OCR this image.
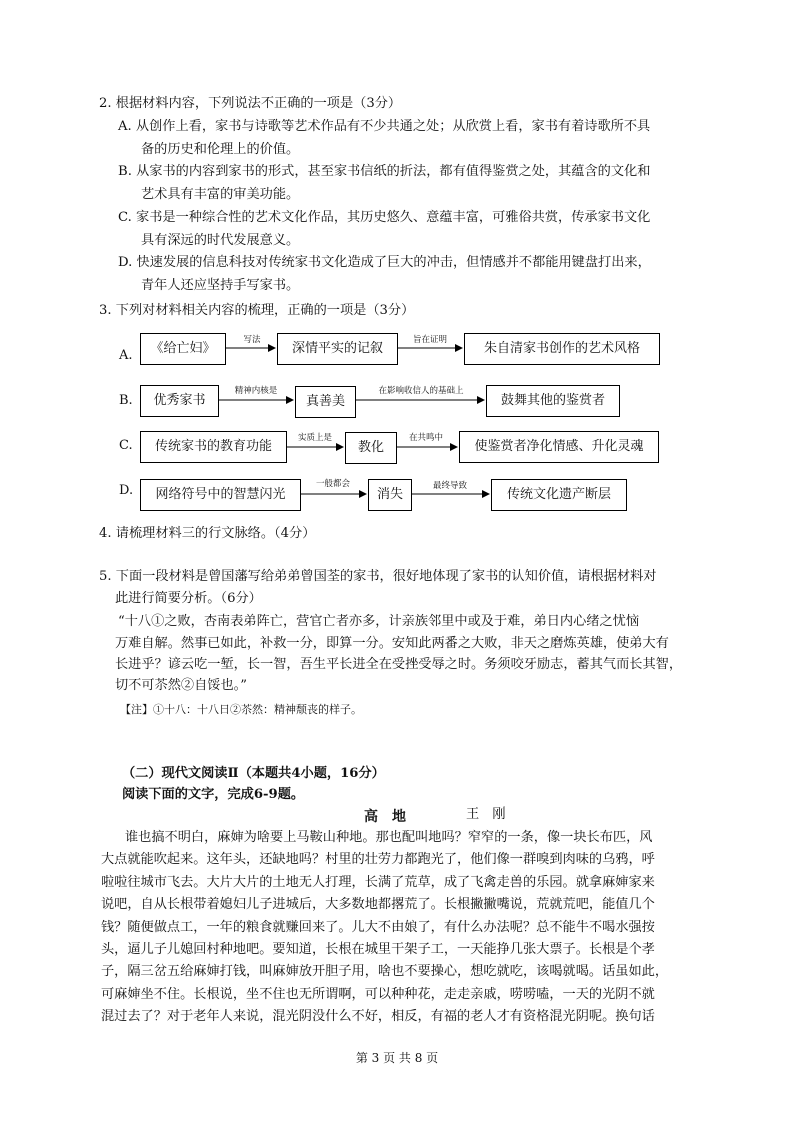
2. 根据材料内容，下列说法不正确的一项是（3分）
A. 从创作上看，家书与诗歌等艺术作品有不少共通之处；从欣赏上看，家书有着诗歌所不具
备的历史和伦理上的价值。
B. 从家书的内容到家书的形式，甚至家书信纸的折法，都有值得鉴赏之处，其蕴含的文化和
艺术具有丰富的审美功能。
C. 家书是一种综合性的艺术文化作品，其历史悠久、意蕴丰富，可雅俗共赏，传承家书文化
具有深远的时代发展意义。
D. 快速发展的信息科技对传统家书文化造成了巨大的冲击，但情感并不都能用键盘打出来，
青年人还应坚持手写家书。
3. 下列对材料相关内容的梳理，正确的一项是（3分）
A.	《给亡妇》
写法
深情平实的记叙
旨在证明
朱自清家书创作的艺术风格
B.	优秀家书
精神内核是
真善美
在影响收信人的基础上
鼓舞其他的鉴赏者
C.	传统家书的教育功能
实质上是
教化
在共鸣中
使鉴赏者净化情感、升化灵魂
D.	网络符号中的智慧闪光
一般都会
消失
最终导致
传统文化遗产断层
4. 请梳理材料三的行文脉络。（4分）
5. 下面一段材料是曾国藩写给弟弟曾国荃的家书，很好地体现了家书的认知价值，请根据材料对
此进行简要分析。（6分）
“十八①之败，杏南表弟阵亡，营官亡者亦多，计亲族邻里中或及于难，弟日内心绪之忧恼
万难自解。然事已如此，补救一分，即算一分。安知此两番之大败，非天之磨炼英雄，使弟大有
长进乎？谚云吃一堑，长一智，吾生平长进全在受挫受辱之时。务须咬牙励志，蓄其气而长其智，
切不可苶然②自馁也。”
【注】①十八：十八日②苶然：精神颓丧的样子。
（二）现代文阅读Ⅱ（本题共4小题，16分）
阅读下面的文字，完成6-9题。
高　地	王　刚
谁也搞不明白，麻婶为啥要上马鞍山种地。那也配叫地吗？窄窄的一条，像一块长布匹，风
大点就能吹起来。这年头，还缺地吗？村里的壮劳力都跑光了，他们像一群嗅到肉味的乌鸦，呼
啦啦往城市飞去。大片大片的土地无人打理，长满了荒草，成了飞禽走兽的乐园。就拿麻婶家来
说吧，自从长根带着媳妇儿子进城后，大多数地都撂荒了。长根撇撇嘴说，荒就荒吧，能值几个
钱？随便做点工，一年的粮食就赚回来了。儿大不由娘了，有什么办法呢？总不能牛不喝水强按
头，逼儿子儿媳回村种地吧。要知道，长根在城里干架子工，一天能挣几张大票子。长根是个孝
子，隔三岔五给麻婶打钱，叫麻婶放开胆子用，啥也不要操心，想吃就吃，该喝就喝。话虽如此，
可麻婶坐不住。长根说，坐不住也无所谓啊，可以种种花，走走亲戚，唠唠嗑，一天的光阴不就
混过去了？对于老年人来说，混光阴没什么不好，相反，有福的老人才有资格混光阴呢。换句话
第 3 页 共 8 页
